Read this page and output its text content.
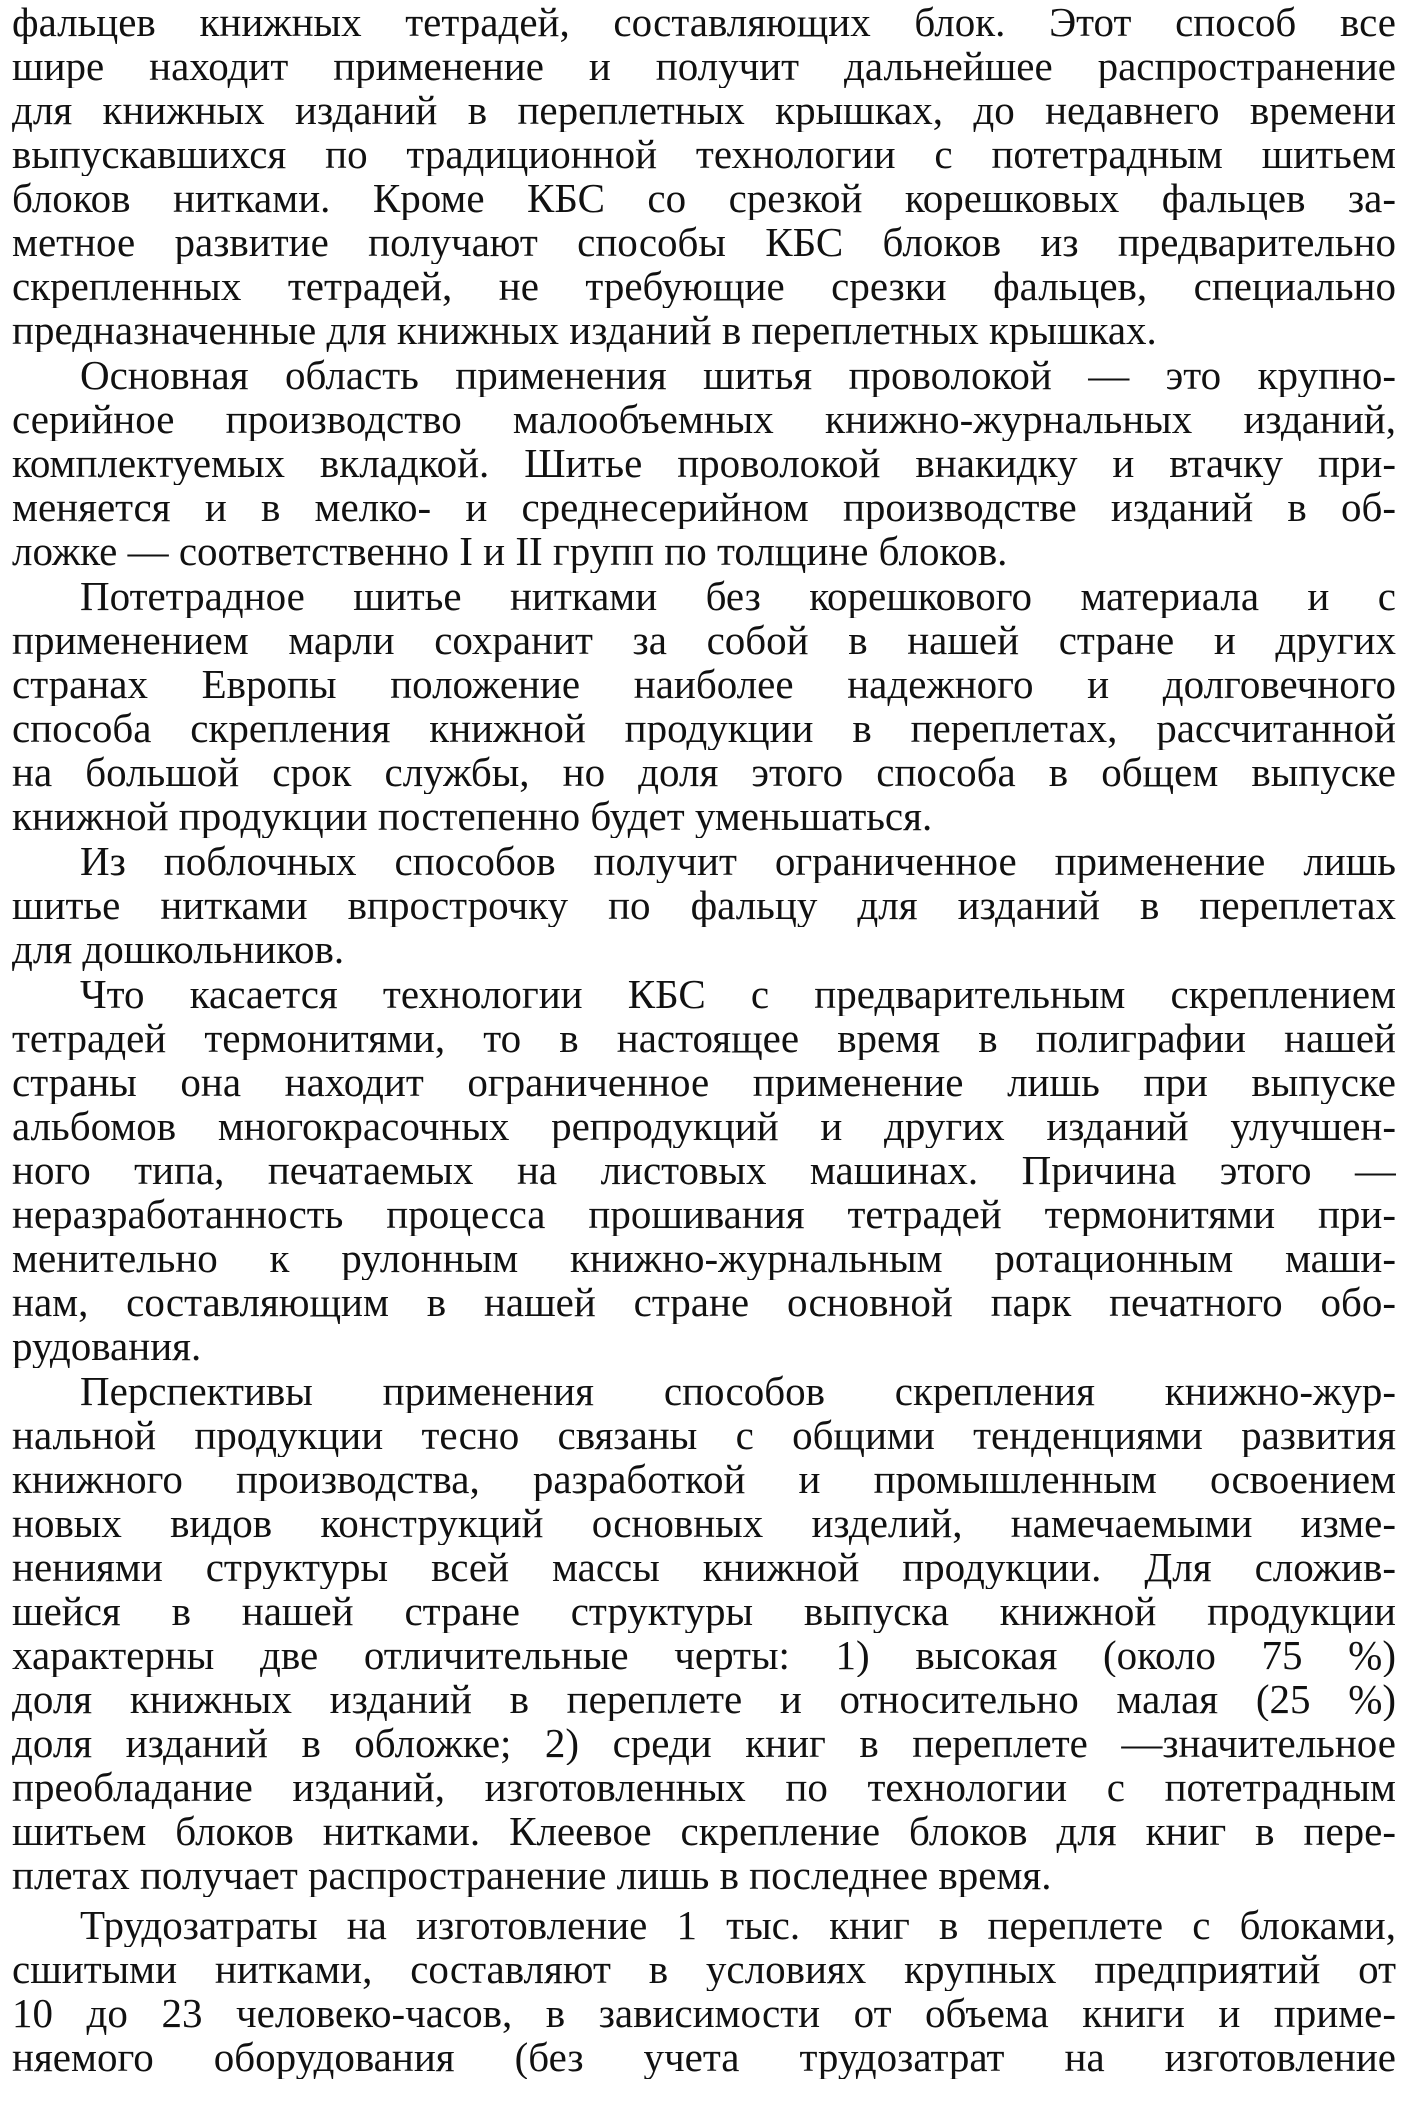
фальцев книжных тетрадей, составляющих блок. Этот способ все
шире находит применение и получит дальнейшее распространение
для книжных изданий в переплетных крышках, до недавнего времени
выпускавшихся по традиционной технологии с потетрадным шитьем
блоков нитками. Кроме КБС со срезкой корешковых фальцев за-
метное развитие получают способы КБС блоков из предварительно
скрепленных тетрадей, не требующие срезки фальцев, специально
предназначенные для книжных изданий в переплетных крышках.
Основная область применения шитья проволокой — это крупно-
серийное производство малообъемных книжно-журнальных изданий,
комплектуемых вкладкой. Шитье проволокой внакидку и втачку при-
меняется и в мелко- и среднесерийном производстве изданий в об-
ложке — соответственно I и II групп по толщине блоков.
Потетрадное шитье нитками без корешкового материала и с
применением марли сохранит за собой в нашей стране и других
странах Европы положение наиболее надежного и долговечного
способа скрепления книжной продукции в переплетах, рассчитанной
на большой срок службы, но доля этого способа в общем выпуске
книжной продукции постепенно будет уменьшаться.
Из поблочных способов получит ограниченное применение лишь
шитье нитками впрострочку по фальцу для изданий в переплетах
для дошкольников.
Что касается технологии КБС с предварительным скреплением
тетрадей термонитями, то в настоящее время в полиграфии нашей
страны она находит ограниченное применение лишь при выпуске
альбомов многокрасочных репродукций и других изданий улучшен-
ного типа, печатаемых на листовых машинах. Причина этого —
неразработанность процесса прошивания тетрадей термонитями при-
менительно к рулонным книжно-журнальным ротационным маши-
нам, составляющим в нашей стране основной парк печатного обо-
рудования.
Перспективы применения способов скрепления книжно-жур-
нальной продукции тесно связаны с общими тенденциями развития
книжного производства, разработкой и промышленным освоением
новых видов конструкций основных изделий, намечаемыми изме-
нениями структуры всей массы книжной продукции. Для сложив-
шейся в нашей стране структуры выпуска книжной продукции
характерны две отличительные черты: 1) высокая (около 75 %)
доля книжных изданий в переплете и относительно малая (25 %)
доля изданий в обложке; 2) среди книг в переплете —значительное
преобладание изданий, изготовленных по технологии с потетрадным
шитьем блоков нитками. Клеевое скрепление блоков для книг в пере-
плетах получает распространение лишь в последнее время.
Трудозатраты на изготовление 1 тыс. книг в переплете с блоками,
сшитыми нитками, составляют в условиях крупных предприятий от
10 до 23 человеко-часов, в зависимости от объема книги и приме-
няемого оборудования (без учета трудозатрат на изготовление
